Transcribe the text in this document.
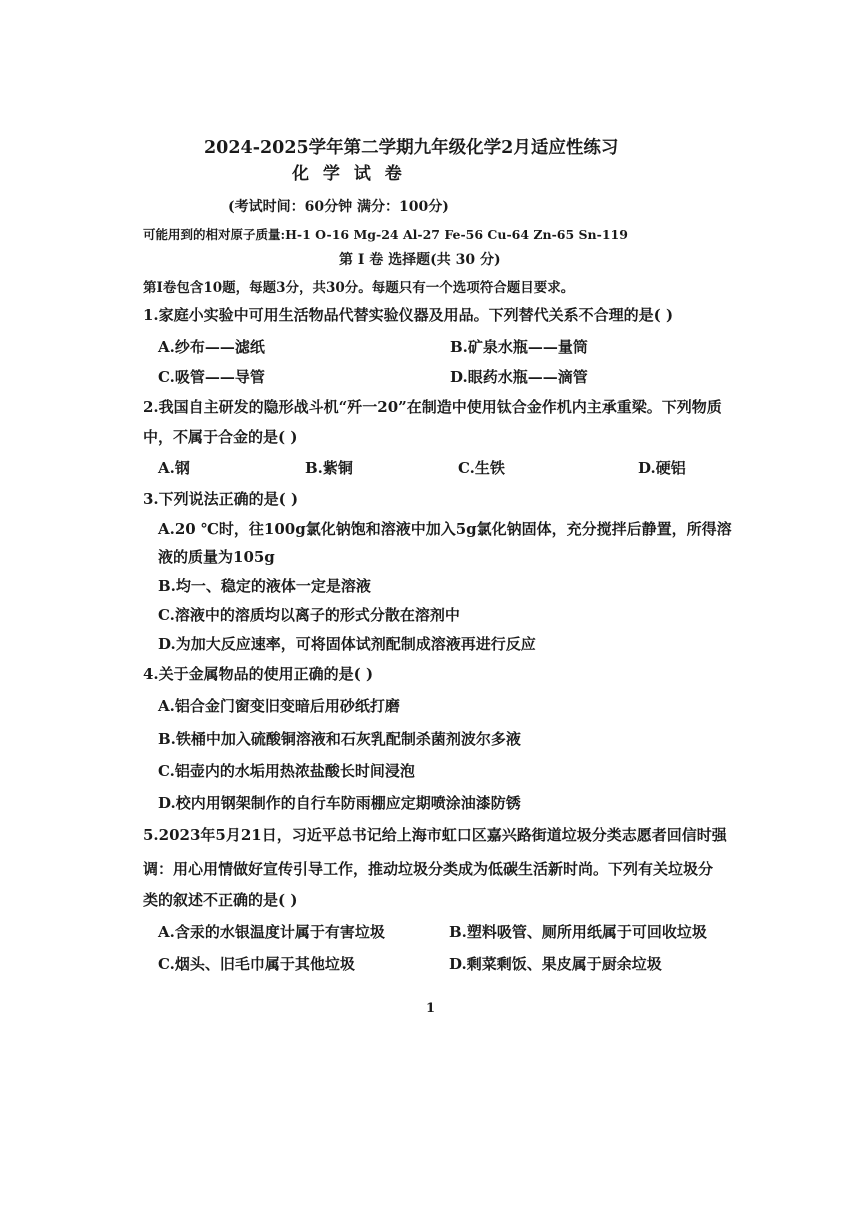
2024-2025学年第二学期九年级化学2月适应性练习
化 学 试 卷
(考试时间：60分钟 满分：100分)
可能用到的相对原子质量:H-1 O-16 Mg-24 Al-27 Fe-56 Cu-64 Zn-65 Sn-119
第 I 卷 选择题(共 30 分)
第I卷包含10题，每题3分，共30分。每题只有一个选项符合题目要求。
1.家庭小实验中可用生活物品代替实验仪器及用品。下列替代关系不合理的是( )
A.纱布——滤纸	B.矿泉水瓶——量筒
C.吸管——导管	D.眼药水瓶——滴管
2.我国自主研发的隐形战斗机“歼一20”在制造中使用钛合金作机内主承重梁。下列物质
中，不属于合金的是( )
A.钢	B.紫铜	C.生铁	D.硬铝
3.下列说法正确的是( )
A.20 ℃时，往100g氯化钠饱和溶液中加入5g氯化钠固体，充分搅拌后静置，所得溶
液的质量为105g
B.均一、稳定的液体一定是溶液
C.溶液中的溶质均以离子的形式分散在溶剂中
D.为加大反应速率，可将固体试剂配制成溶液再进行反应
4.关于金属物品的使用正确的是( )
A.铝合金门窗变旧变暗后用砂纸打磨
B.铁桶中加入硫酸铜溶液和石灰乳配制杀菌剂波尔多液
C.铝壶内的水垢用热浓盐酸长时间浸泡
D.校内用钢架制作的自行车防雨棚应定期喷涂油漆防锈
5.2023年5月21日，习近平总书记给上海市虹口区嘉兴路街道垃圾分类志愿者回信时强
调：用心用情做好宣传引导工作，推动垃圾分类成为低碳生活新时尚。下列有关垃圾分
类的叙述不正确的是( )
A.含汞的水银温度计属于有害垃圾	B.塑料吸管、厕所用纸属于可回收垃圾
C.烟头、旧毛巾属于其他垃圾	D.剩菜剩饭、果皮属于厨余垃圾
1
